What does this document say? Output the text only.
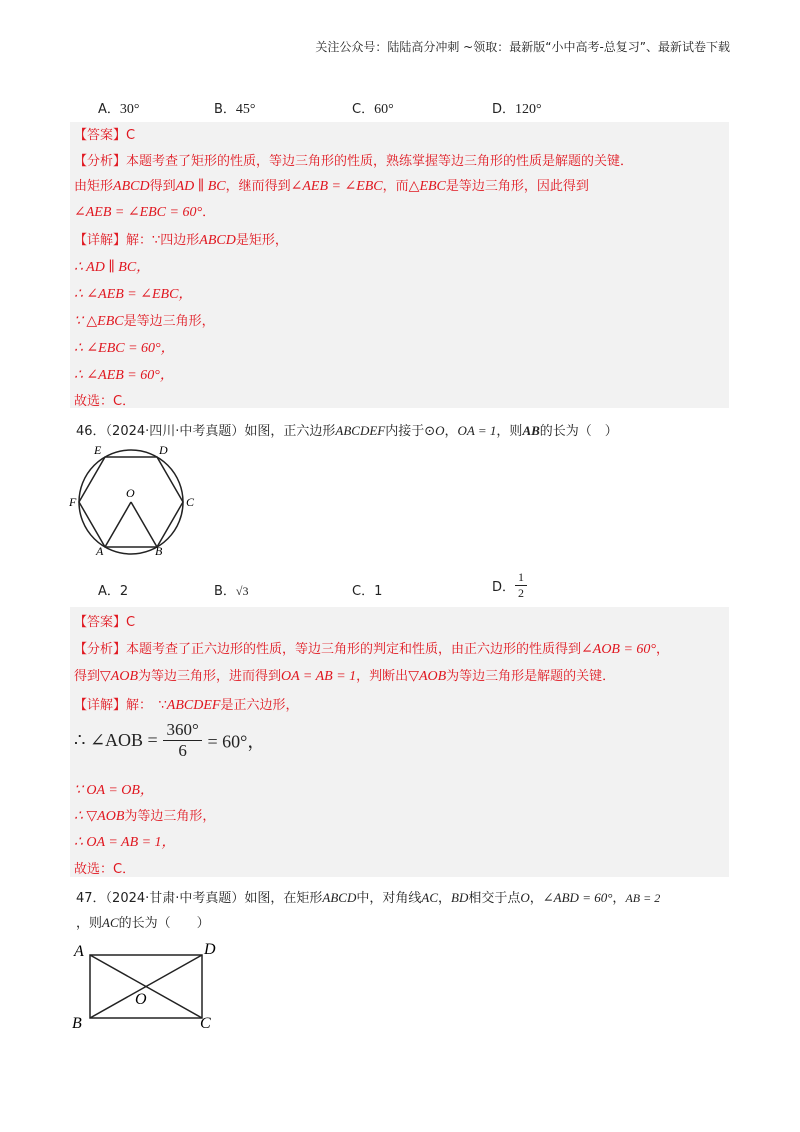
关注公众号：陆陆高分冲刺 ~领取：最新版“小中高考-总复习”、最新试卷下载
A．30°	B．45°	C．60°	D．120°
【答案】C
【分析】本题考查了矩形的性质，等边三角形的性质，熟练掌握等边三角形的性质是解题的关键．
由矩形ABCD得到AD ∥ BC，继而得到∠AEB = ∠EBC，而△EBC是等边三角形，因此得到
∠AEB = ∠EBC = 60°．
【详解】解：∵四边形ABCD是矩形，
∴ AD ∥ BC，
∴ ∠AEB = ∠EBC，
∵ △EBC是等边三角形，
∴ ∠EBC = 60°，
∴ ∠AEB = 60°，
故选：C．
46．（2024·四川·中考真题）如图，正六边形ABCDEF内接于⊙O，OA = 1，则AB的长为（　）
E	D
F
O
C
A	B
A．2	B．√3	C．1	D． $\frac{1}{2}$
【答案】C
【分析】本题考查了正六边形的性质，等边三角形的判定和性质，由正六边形的性质得到∠AOB = 60°，
得到▽AOB为等边三角形，进而得到OA = AB = 1，判断出▽AOB为等边三角形是解题的关键．
【详解】解：　∵ABCDEF是正六边形，
∴ ∠AOB = $\frac{360^\circ}{6} = 60^\circ$，
∵ OA = OB，
∴ ▽AOB为等边三角形，
∴ OA = AB = 1，
故选：C．
47．（2024·甘肃·中考真题）如图，在矩形ABCD中，对角线AC，BD相交于点O，∠ABD = 60°，AB = 2
，则AC的长为（　　）
A	D
O
B	C
